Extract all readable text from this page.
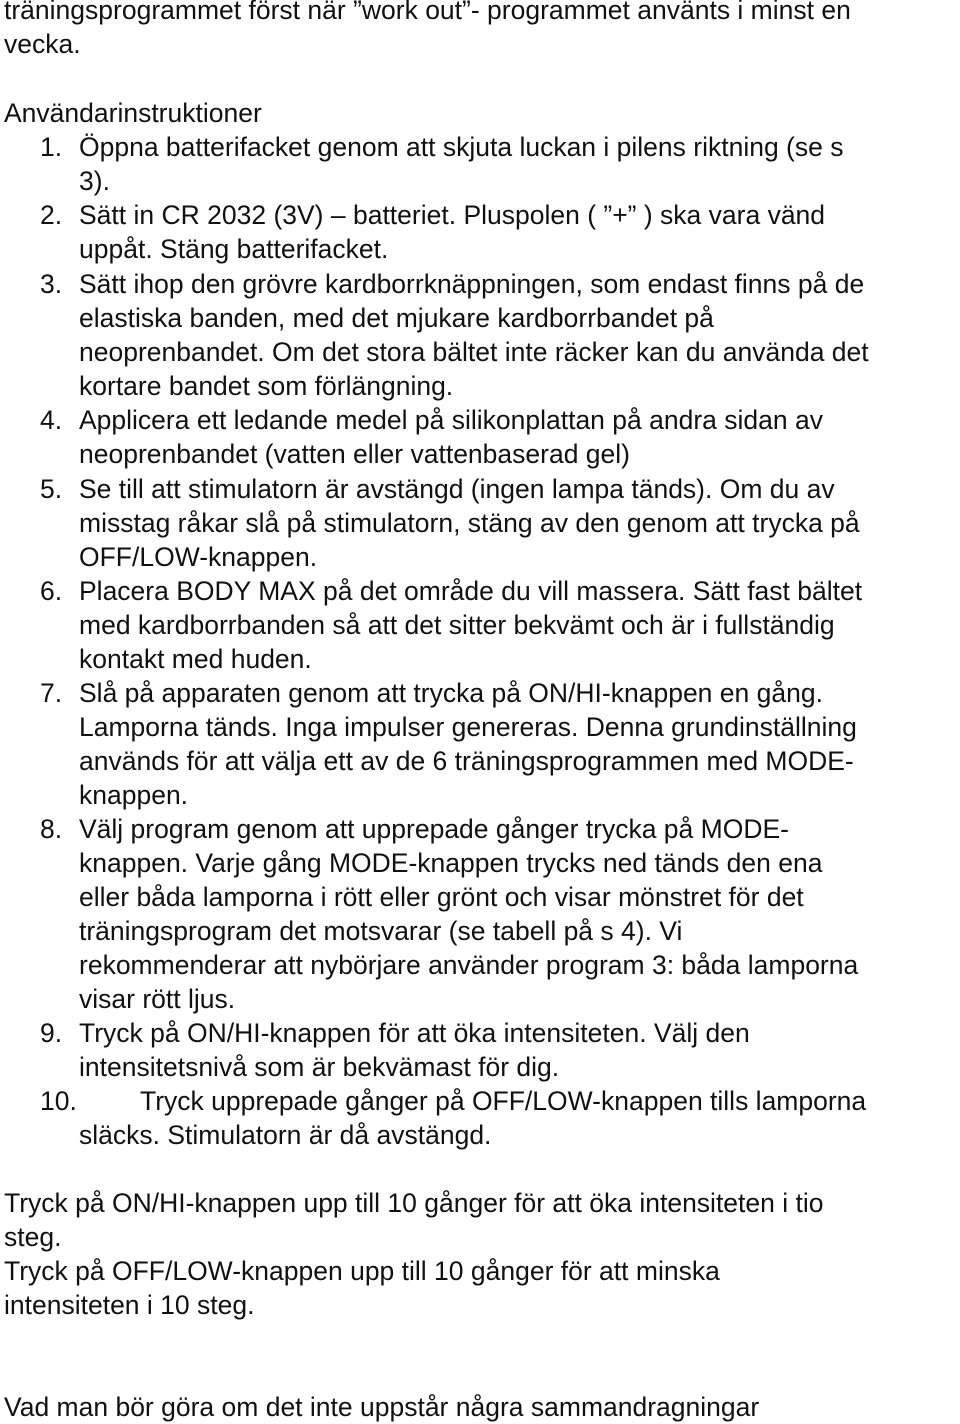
träningsprogrammet först när ”work out”- programmet använts i minst en
vecka.
Användarinstruktioner
1. Öppna batterifacket genom att skjuta luckan i pilens riktning (se s
3).
2. Sätt in CR 2032 (3V) – batteriet. Pluspolen ( ”+” ) ska vara vänd
uppåt. Stäng batterifacket.
3. Sätt ihop den grövre kardborrknäppningen, som endast finns på de
elastiska banden, med det mjukare kardborrbandet på
neoprenbandet. Om det stora bältet inte räcker kan du använda det
kortare bandet som förlängning.
4. Applicera ett ledande medel på silikonplattan på andra sidan av
neoprenbandet (vatten eller vattenbaserad gel)
5. Se till att stimulatorn är avstängd (ingen lampa tänds). Om du av
misstag råkar slå på stimulatorn, stäng av den genom att trycka på
OFF/LOW-knappen.
6. Placera BODY MAX på det område du vill massera. Sätt fast bältet
med kardborrbanden så att det sitter bekvämt och är i fullständig
kontakt med huden.
7. Slå på apparaten genom att trycka på ON/HI-knappen en gång.
Lamporna tänds. Inga impulser genereras. Denna grundinställning
används för att välja ett av de 6 träningsprogrammen med MODE-
knappen.
8. Välj program genom att upprepade gånger trycka på MODE-
knappen. Varje gång MODE-knappen trycks ned tänds den ena
eller båda lamporna i rött eller grönt och visar mönstret för det
träningsprogram det motsvarar (se tabell på s 4). Vi
rekommenderar att nybörjare använder program 3: båda lamporna
visar rött ljus.
9. Tryck på ON/HI-knappen för att öka intensiteten. Välj den
intensitetsnivå som är bekvämast för dig.
10. Tryck upprepade gånger på OFF/LOW-knappen tills lamporna
släcks. Stimulatorn är då avstängd.
Tryck på ON/HI-knappen upp till 10 gånger för att öka intensiteten i tio
steg.
Tryck på OFF/LOW-knappen upp till 10 gånger för att minska
intensiteten i 10 steg.
Vad man bör göra om det inte uppstår några sammandragningar
